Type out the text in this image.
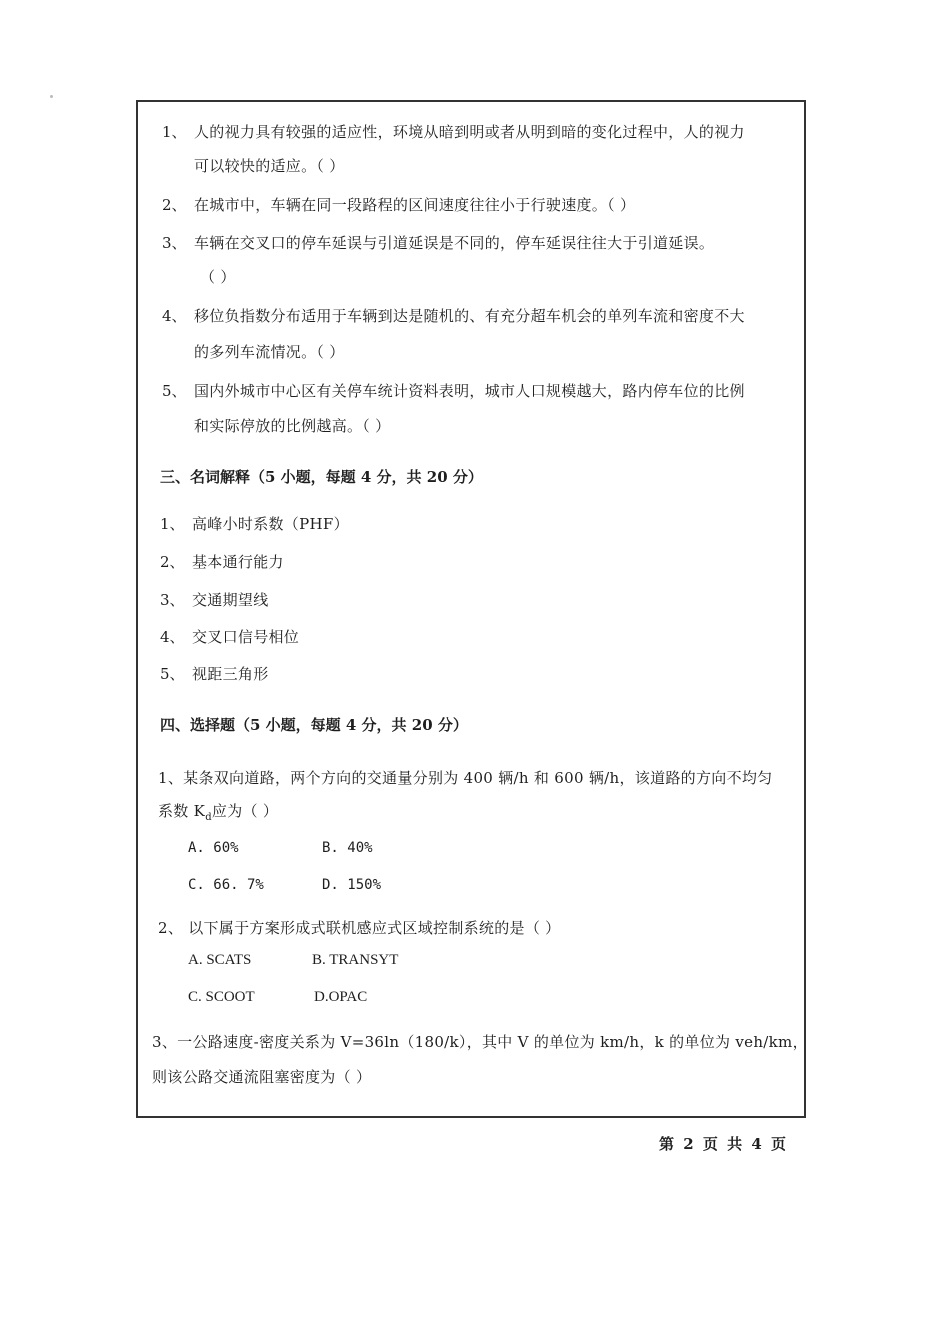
1、 人的视力具有较强的适应性，环境从暗到明或者从明到暗的变化过程中，人的视力
可以较快的适应。（ ）
2、 在城市中，车辆在同一段路程的区间速度往往小于行驶速度。（ ）
3、 车辆在交叉口的停车延误与引道延误是不同的，停车延误往往大于引道延误。
（ ）
4、 移位负指数分布适用于车辆到达是随机的、有充分超车机会的单列车流和密度不大
的多列车流情况。（ ）
5、 国内外城市中心区有关停车统计资料表明，城市人口规模越大，路内停车位的比例
和实际停放的比例越高。（ ）
三、名词解释（5 小题，每题 4 分，共 20 分）
1、 高峰小时系数（PHF）
2、 基本通行能力
3、 交通期望线
4、 交叉口信号相位
5、 视距三角形
四、选择题（5 小题，每题 4 分，共 20 分）
1、某条双向道路，两个方向的交通量分别为 400 辆/h 和 600 辆/h，该道路的方向不均匀
系数 $K_d$应为（ ）
A. 60%	B. 40%
C. 66. 7%	D. 150%
2、 以下属于方案形成式联机感应式区域控制系统的是（ ）
A. SCATS	B. TRANSYT
C. SCOOT	D.OPAC
3、一公路速度-密度关系为 V=36ln（180/k），其中 V 的单位为 km/h，k 的单位为 veh/km，
则该公路交通流阻塞密度为（ ）
第 2 页 共 4 页
